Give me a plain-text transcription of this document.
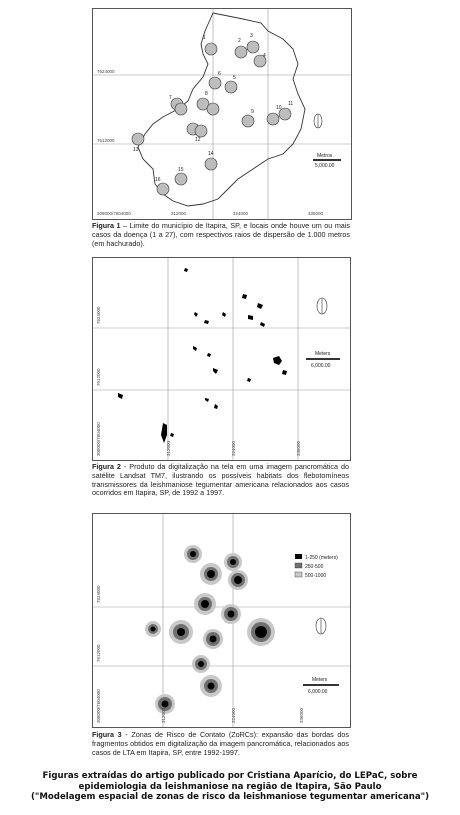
Metros
5,000.00
7624000
7612000
308000/7604000	312000	324000	335000
1	2
3
4
5
6
7
8
9
10
11
12
13
14
15
16
Figura 1 – Limite do município de Itapira, SP, e locais onde houve um ou mais casos da doença (1 a 27), com respectivos raios de dispersão de 1.000 metros (em hachurado).
Meters
6,000.00
7624000
7612000
308000/7604000	312000	324000	336000
Figura 2 - Produto da digitalização na tela em uma imagem pancromática do satélite Landsat TM7, ilustrando os possíveis habitats dos flebotomíneos transmissores da leishmaniose tegumentar americana relacionados aos casos ocorridos em Itapira, SP, de 1992 a 1997.
1-250 (meters)
250-500
500-1000
Meters
6,000.00
7624000
7612000
308000/7604000	312000	324000	336000
Figura 3 - Zonas de Risco de Contato (ZoRCs): expansão das bordas dos fragmentos obtidos em digitalização da imagem pancromática, relacionados aos casos de LTA em Itapira, SP, entre 1992-1997.
Figuras extraídas do artigo publicado por Cristiana Aparício, do LEPaC, sobre
epidemiologia da leishmaniose na região de Itapira, São Paulo
("Modelagem espacial de zonas de risco da leishmaniose tegumentar americana")
